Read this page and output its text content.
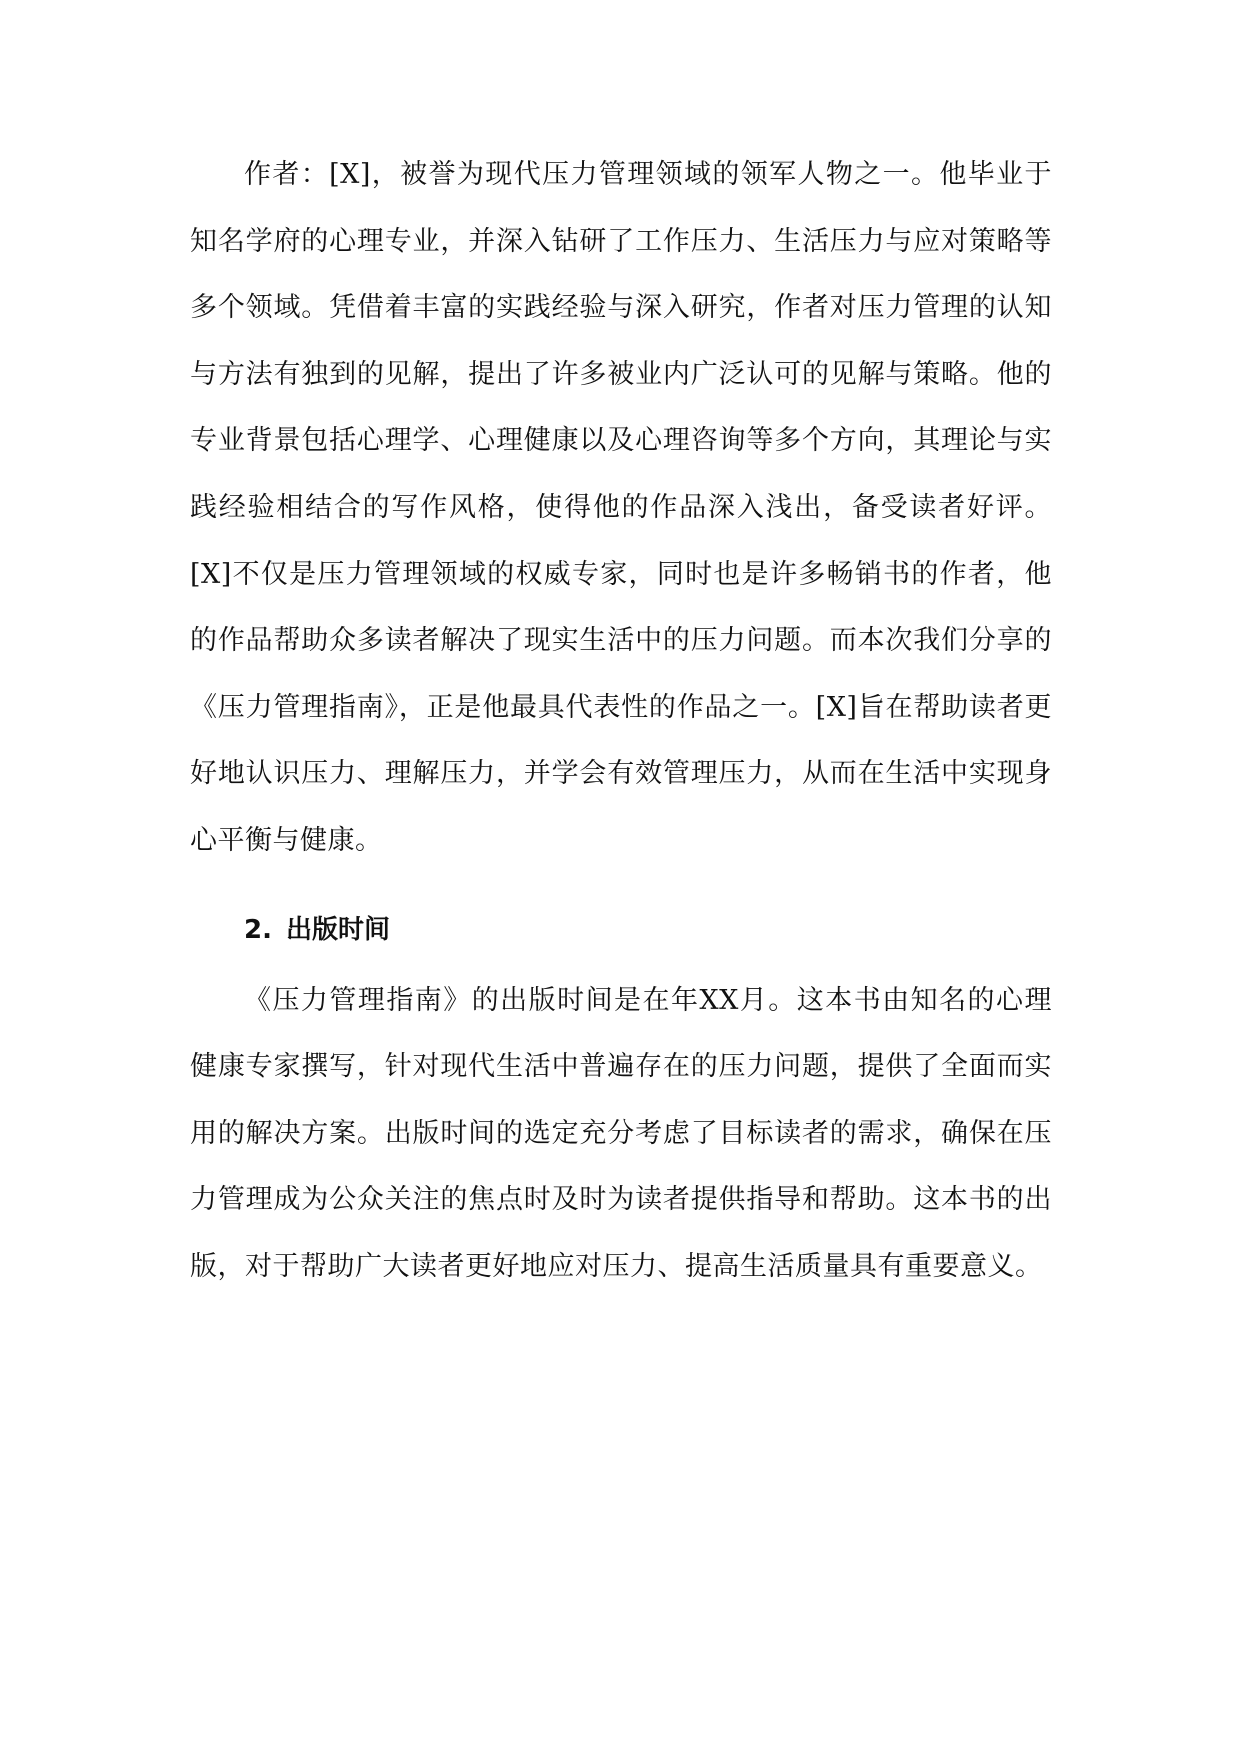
作者：[X]，被誉为现代压力管理领域的领军人物之一。他毕业于知名学府的心理专业，并深入钻研了工作压力、生活压力与应对策略等多个领域。凭借着丰富的实践经验与深入研究，作者对压力管理的认知与方法有独到的见解，提出了许多被业内广泛认可的见解与策略。他的专业背景包括心理学、心理健康以及心理咨询等多个方向，其理论与实践经验相结合的写作风格，使得他的作品深入浅出，备受读者好评。[X]不仅是压力管理领域的权威专家，同时也是许多畅销书的作者，他的作品帮助众多读者解决了现实生活中的压力问题。而本次我们分享的《压力管理指南》，正是他最具代表性的作品之一。[X]旨在帮助读者更好地认识压力、理解压力，并学会有效管理压力，从而在生活中实现身心平衡与健康。

2. 出版时间

《压力管理指南》的出版时间是在年XX月。这本书由知名的心理健康专家撰写，针对现代生活中普遍存在的压力问题，提供了全面而实用的解决方案。出版时间的选定充分考虑了目标读者的需求，确保在压力管理成为公众关注的焦点时及时为读者提供指导和帮助。这本书的出版，对于帮助广大读者更好地应对压力、提高生活质量具有重要意义。
